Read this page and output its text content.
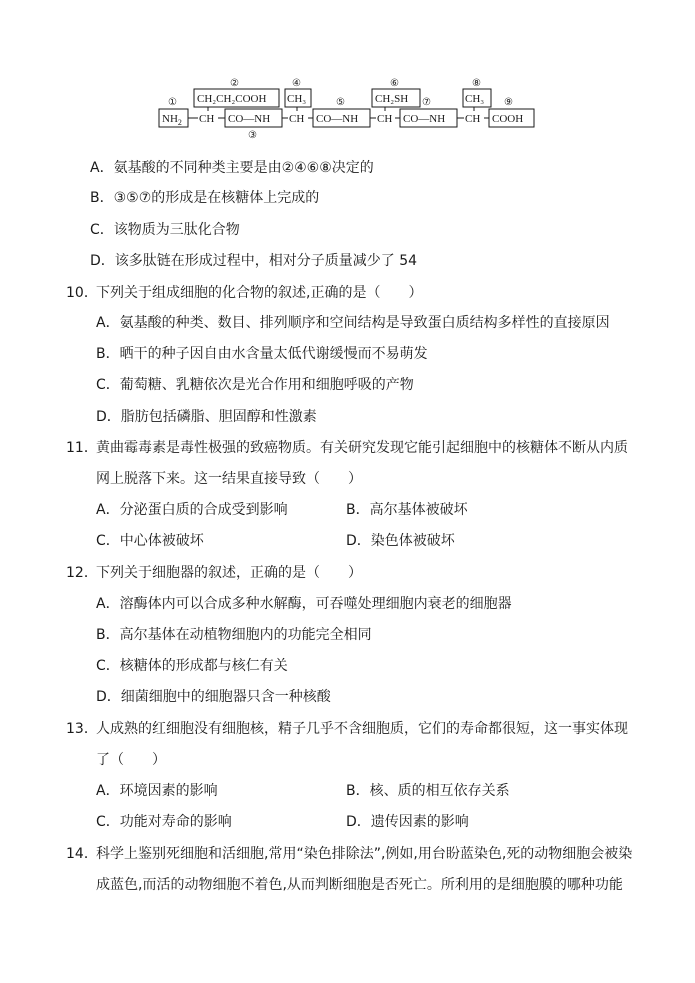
①
②
③
④
⑤
⑥
⑦
⑧
⑨
CH₂CH₂COOH CH₃	CH₂SH	CH₃
$NH_2$ CH CO—NH CH CO—NH CH CO—NH CH COOH
A．氨基酸的不同种类主要是由②④⑥⑧决定的
B．③⑤⑦的形成是在核糖体上完成的
C．该物质为三肽化合物
D．该多肽链在形成过程中，相对分子质量减少了 54
10．
下列关于组成细胞的化合物的叙述,正确的是（　　）
A．氨基酸的种类、数目、排列顺序和空间结构是导致蛋白质结构多样性的直接原因
B．晒干的种子因自由水含量太低代谢缓慢而不易萌发
C．葡萄糖、乳糖依次是光合作用和细胞呼吸的产物
D．脂肪包括磷脂、胆固醇和性激素
11．
黄曲霉毒素是毒性极强的致癌物质。有关研究发现它能引起细胞中的核糖体不断从内质
网上脱落下来。这一结果直接导致（　　）
A．分泌蛋白质的合成受到影响	B．高尔基体被破坏
C．中心体被破坏	D．染色体被破坏
12．
下列关于细胞器的叙述，正确的是（　　）
A．溶酶体内可以合成多种水解酶，可吞噬处理细胞内衰老的细胞器
B．高尔基体在动植物细胞内的功能完全相同
C．核糖体的形成都与核仁有关
D．细菌细胞中的细胞器只含一种核酸
13．
人成熟的红细胞没有细胞核，精子几乎不含细胞质，它们的寿命都很短，这一事实体现
了（　　）
A．环境因素的影响	B．核、质的相互依存关系
C．功能对寿命的影响	D．遗传因素的影响
14．
科学上鉴别死细胞和活细胞,常用“染色排除法”,例如,用台盼蓝染色,死的动物细胞会被染
成蓝色,而活的动物细胞不着色,从而判断细胞是否死亡。所利用的是细胞膜的哪种功能
